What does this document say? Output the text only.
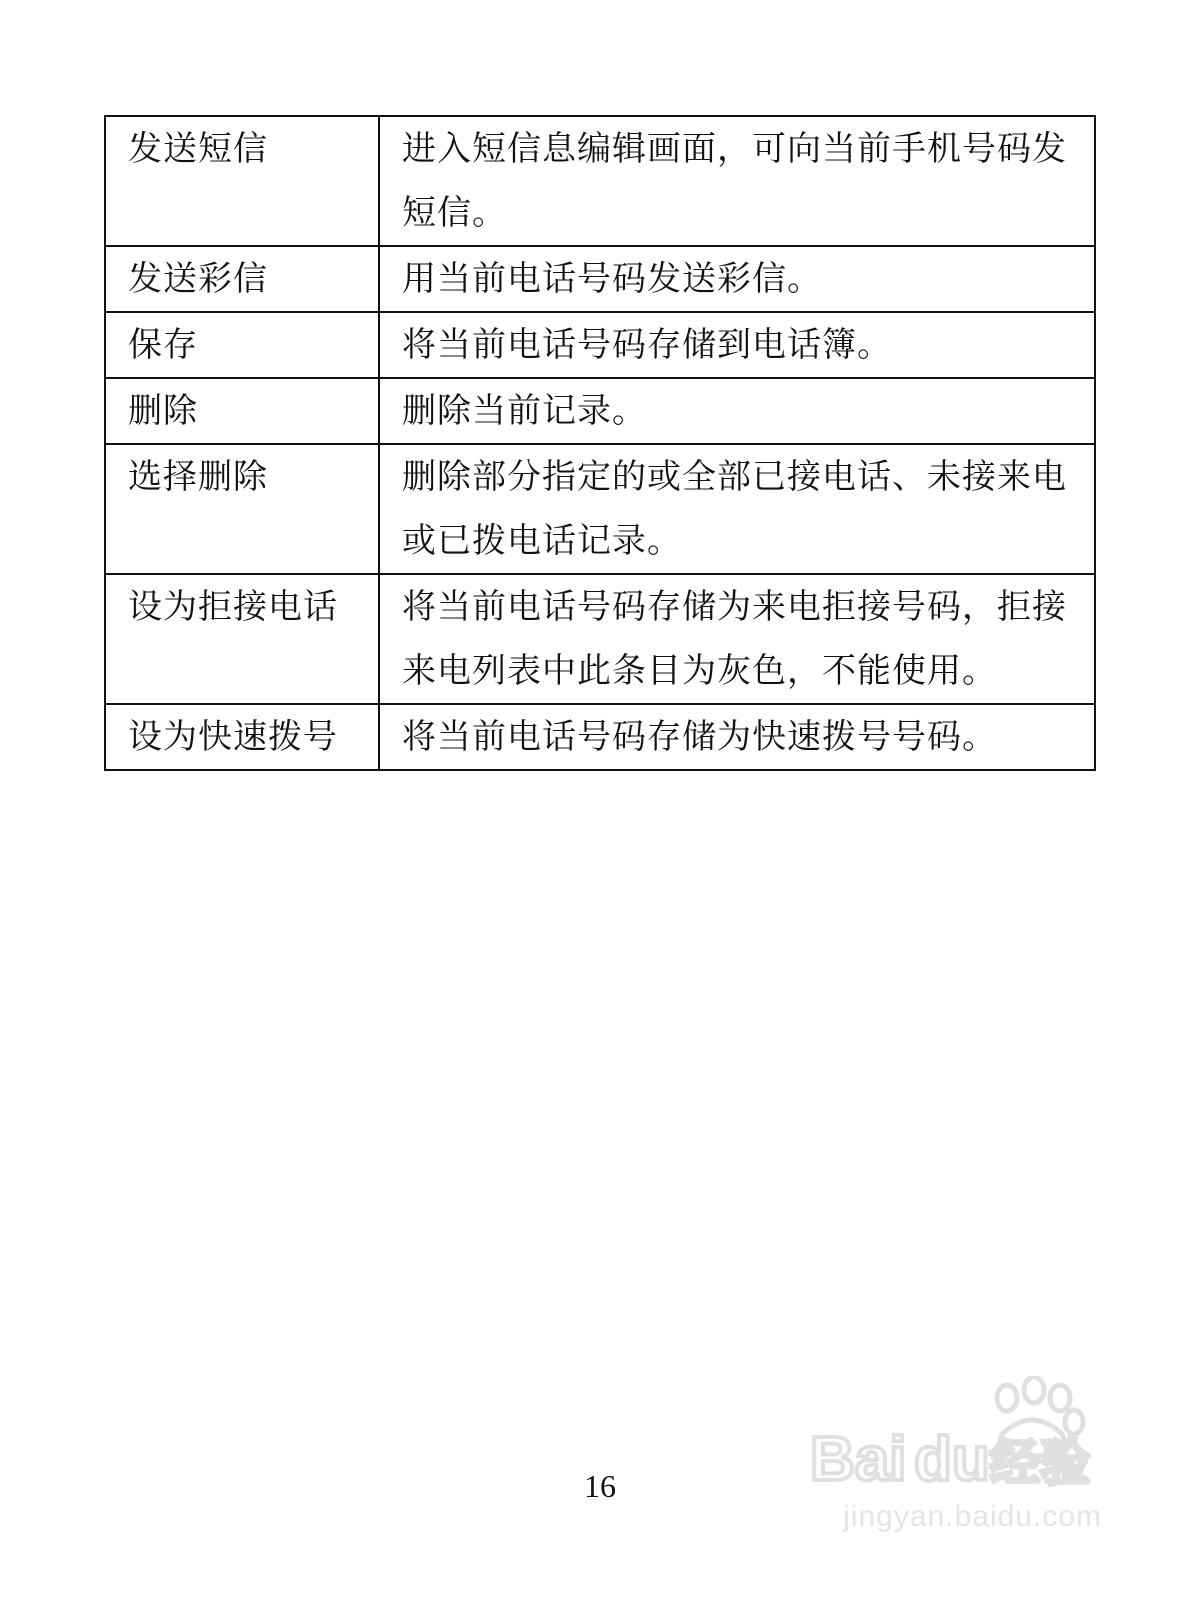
发送短信	进入短信息编辑画面，可向当前手机号码发短信。
发送彩信	用当前电话号码发送彩信。
保存	将当前电话号码存储到电话簿。
删除	删除当前记录。
选择删除	删除部分指定的或全部已接电话、未接来电或已拨电话记录。
设为拒接电话	将当前电话号码存储为来电拒接号码，拒接来电列表中此条目为灰色，不能使用。
设为快速拨号	将当前电话号码存储为快速拨号号码。
16	Bai du 经验
jingyan.baidu.com
